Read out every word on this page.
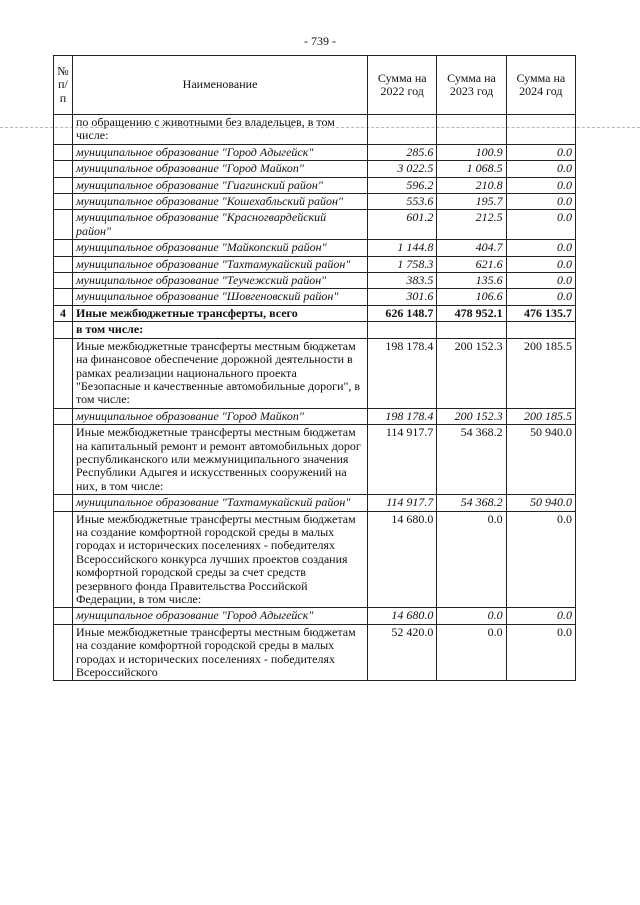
- 739 -
№ п/п	Наименование	Сумма на 2022 год	Сумма на 2023 год	Сумма на 2024 год
	по обращению с животными без владельцев, в том числе:			
	муниципальное образование "Город Адыгейск"	285.6	100.9	0.0
	муниципальное образование "Город Майкоп"	3 022.5	1 068.5	0.0
	муниципальное образование "Гиагинский район"	596.2	210.8	0.0
	муниципальное образование "Кошехабльский район"	553.6	195.7	0.0
	муниципальное образование "Красногвардейский район"	601.2	212.5	0.0
	муниципальное образование "Майкопский район"	1 144.8	404.7	0.0
	муниципальное образование "Тахтамукайский район"	1 758.3	621.6	0.0
	муниципальное образование "Теучежский район"	383.5	135.6	0.0
	муниципальное образование "Шовгеновский район"	301.6	106.6	0.0
4	Иные межбюджетные трансферты, всего	626 148.7	478 952.1	476 135.7
	в том числе:			
	Иные межбюджетные трансферты местным бюджетам на финансовое обеспечение дорожной деятельности в рамках реализации национального проекта "Безопасные и качественные автомобильные дороги", в том числе:	198 178.4	200 152.3	200 185.5
	муниципальное образование "Город Майкоп"	198 178.4	200 152.3	200 185.5
	Иные межбюджетные трансферты местным бюджетам на капитальный ремонт и ремонт автомобильных дорог республиканского или межмуниципального значения Республики Адыгея и искусственных сооружений на них, в том числе:	114 917.7	54 368.2	50 940.0
	муниципальное образование "Тахтамукайский район"	114 917.7	54 368.2	50 940.0
	Иные межбюджетные трансферты местным бюджетам на создание комфортной городской среды в малых городах и исторических поселениях - победителях Всероссийского конкурса лучших проектов создания комфортной городской среды за счет средств резервного фонда Правительства Российской Федерации, в том числе:	14 680.0	0.0	0.0
	муниципальное образование "Город Адыгейск"	14 680.0	0.0	0.0
	Иные межбюджетные трансферты местным бюджетам на создание комфортной городской среды в малых городах и исторических поселениях - победителях Всероссийского	52 420.0	0.0	0.0
